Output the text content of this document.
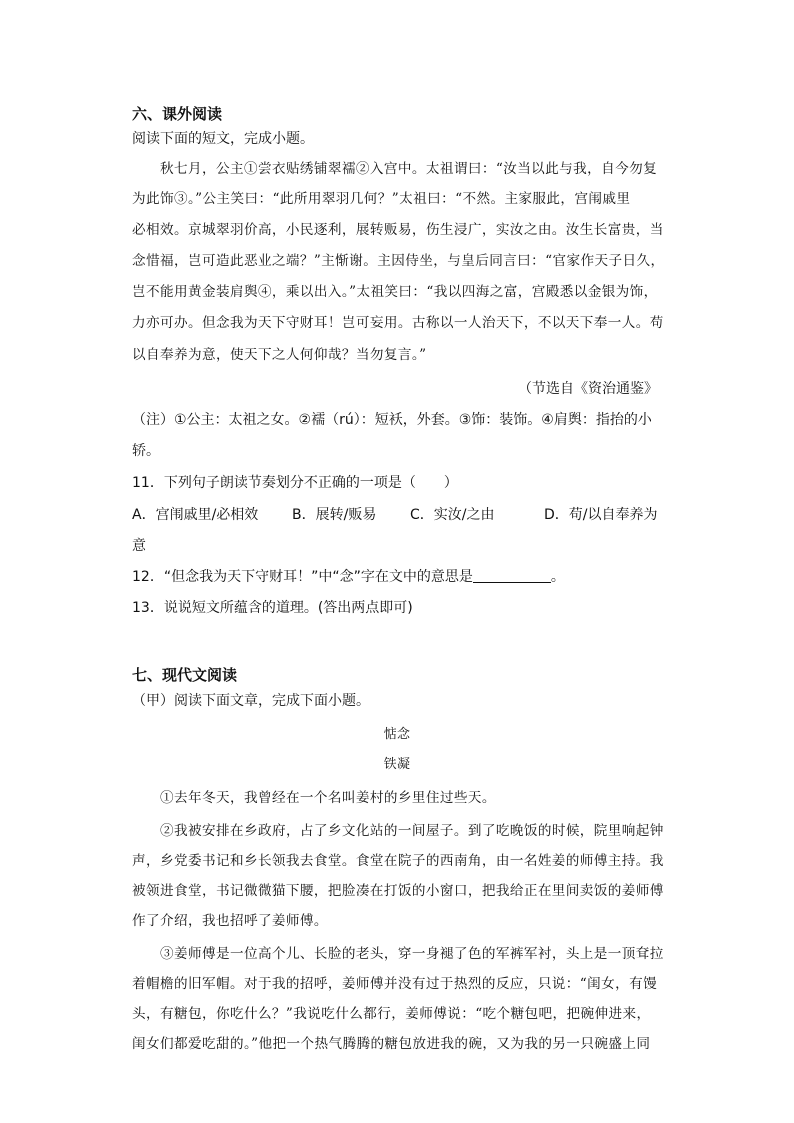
六、课外阅读
阅读下面的短文，完成小题。
秋七月，公主①尝衣贴绣铺翠襦②入宫中。太祖谓曰：“汝当以此与我，自今勿复
为此饰③。”公主笑曰：“此所用翠羽几何？”太祖曰：“不然。主家服此，宫闱戚里
必相效。京城翠羽价高，小民逐利，展转贩易，伤生浸广，实汝之由。汝生长富贵，当
念惜福，岂可造此恶业之端？”主惭谢。主因侍坐，与皇后同言曰：“官家作天子日久，
岂不能用黄金装肩舆④，乘以出入。”太祖笑曰：“我以四海之富，宫殿悉以金银为饰，
力亦可办。但念我为天下守财耳！岂可妄用。古称以一人治天下，不以天下奉一人。苟
以自奉养为意，使天下之人何仰哉？当勿复言。”
（节选自《资治通鉴》
（注）①公主：太祖之女。②襦（rú）：短袄，外套。③饰：装饰。④肩舆：指抬的小
轿。
11．下列句子朗读节奏划分不正确的一项是（　　）
A．宫闱戚里/必相效 B．展转/贩易 C．实汝/之由	D．苟/以自奉养为
意
12．“但念我为天下守财耳！”中“念”字在文中的意思是	。
13．说说短文所蕴含的道理。(答出两点即可)
七、现代文阅读
（甲）阅读下面文章，完成下面小题。
惦念
铁凝
①去年冬天，我曾经在一个名叫姜村的乡里住过些天。
②我被安排在乡政府，占了乡文化站的一间屋子。到了吃晚饭的时候，院里响起钟
声，乡党委书记和乡长领我去食堂。食堂在院子的西南角，由一名姓姜的师傅主持。我
被领进食堂，书记微微猫下腰，把脸凑在打饭的小窗口，把我给正在里间卖饭的姜师傅
作了介绍，我也招呼了姜师傅。
③姜师傅是一位高个儿、长脸的老头，穿一身褪了色的军裤军衬，头上是一顶耷拉
着帽檐的旧军帽。对于我的招呼，姜师傅并没有过于热烈的反应，只说：“闺女，有馒
头，有糖包，你吃什么？”我说吃什么都行，姜师傅说：“吃个糖包吧，把碗伸进来，
闺女们都爱吃甜的。”他把一个热气腾腾的糖包放进我的碗，又为我的另一只碗盛上同
